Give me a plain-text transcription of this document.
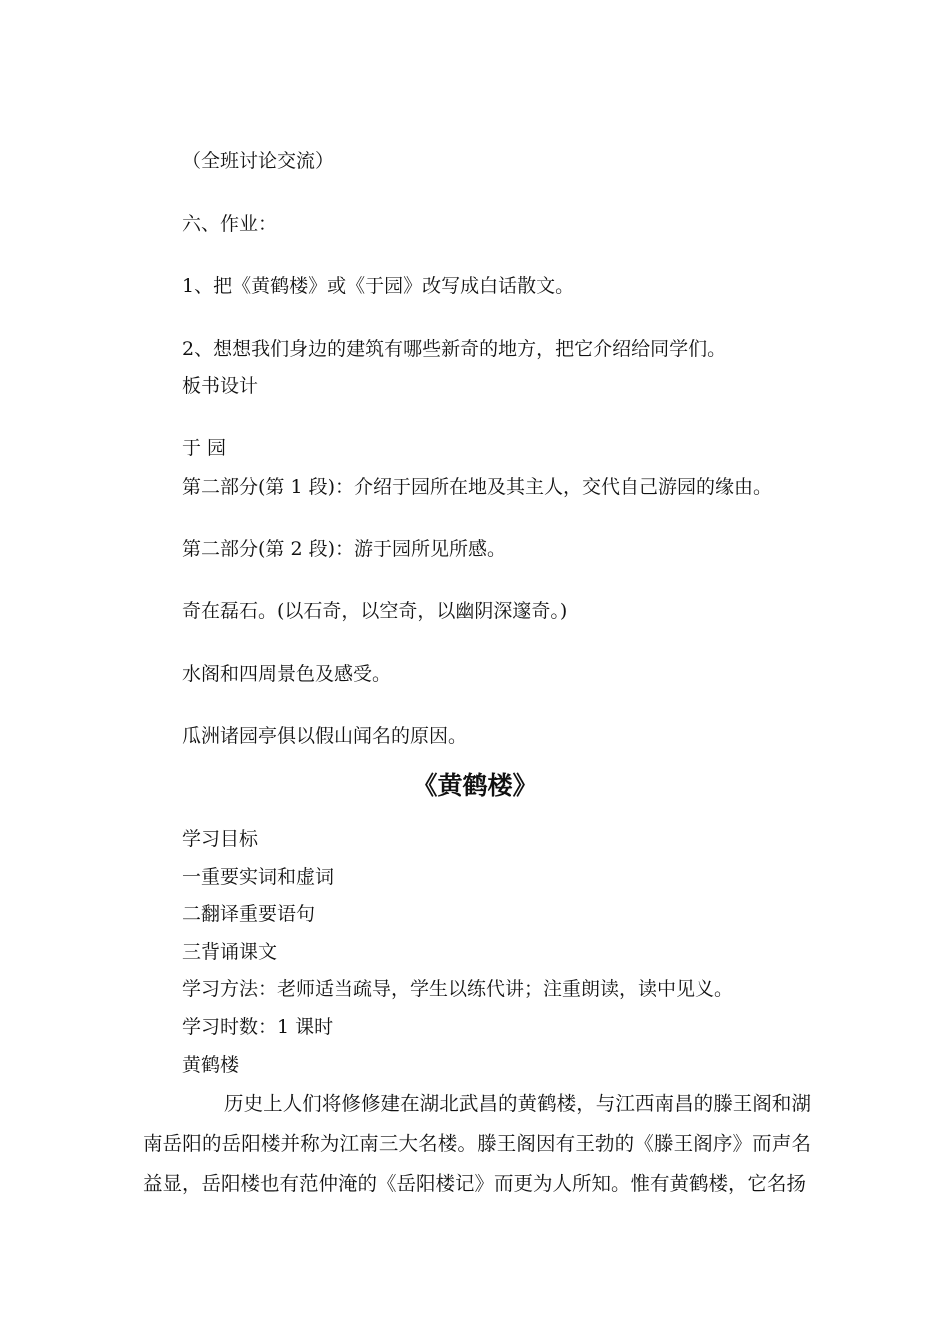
（全班讨论交流）

六、作业：

1、把《黄鹤楼》或《于园》改写成白话散文。

2、想想我们身边的建筑有哪些新奇的地方，把它介绍给同学们。

板书设计

于 园

第二部分(第 1 段)：介绍于园所在地及其主人，交代自己游园的缘由。

第二部分(第 2 段)：游于园所见所感。

奇在磊石。(以石奇，以空奇，以幽阴深邃奇。)

水阁和四周景色及感受。

瓜洲诸园亭俱以假山闻名的原因。

《黄鹤楼》

学习目标

一重要实词和虚词

二翻译重要语句

三背诵课文

学习方法：老师适当疏导，学生以练代讲；注重朗读，读中见义。

学习时数：1 课时

黄鹤楼

历史上人们将修修建在湖北武昌的黄鹤楼，与江西南昌的滕王阁和湖南岳阳的岳阳楼并称为江南三大名楼。滕王阁因有王勃的《滕王阁序》而声名益显，岳阳楼也有范仲淹的《岳阳楼记》而更为人所知。惟有黄鹤楼，它名扬
